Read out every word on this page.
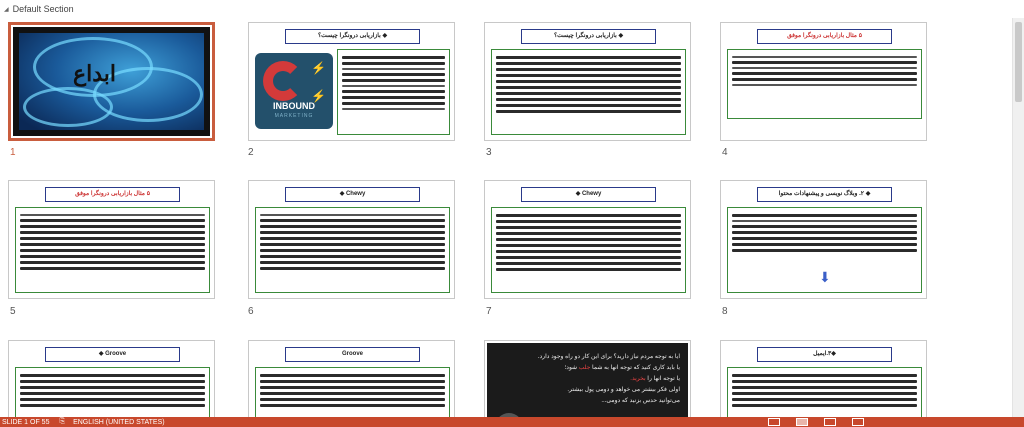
◢ Default Section
ابداع
1
◆ بازاریابی درونگرا چیست؟
⚡
⚡
INBOUND
MARKETING
2
◆ بازاریابی درونگرا چیست؟
3
۵ مثال بازاریابی درونگرا موفق
4
۵ مثال بازاریابی درونگرا موفق
5
Chewy ◆
6
Chewy ◆
7
◆ ۲. وبلاگ نویسی و پیشنهادات محتوا
⬇
8
Groove ◆	Groove	آیا به توجه مردم نیاز دارید؟ برای این کار دو راه وجود دارد.
یا باید کاری کنید که توجه آنها به شما جلب شود؛
یا توجه آنها را بخرید.
اولی فکر بیشتر می خواهد و دومی پول بیشتر.
می‌توانید حدس بزنید که دومی...
◆۳.ایمیل
SLIDE 1 OF 55 ⎘ ENGLISH (UNITED STATES)
